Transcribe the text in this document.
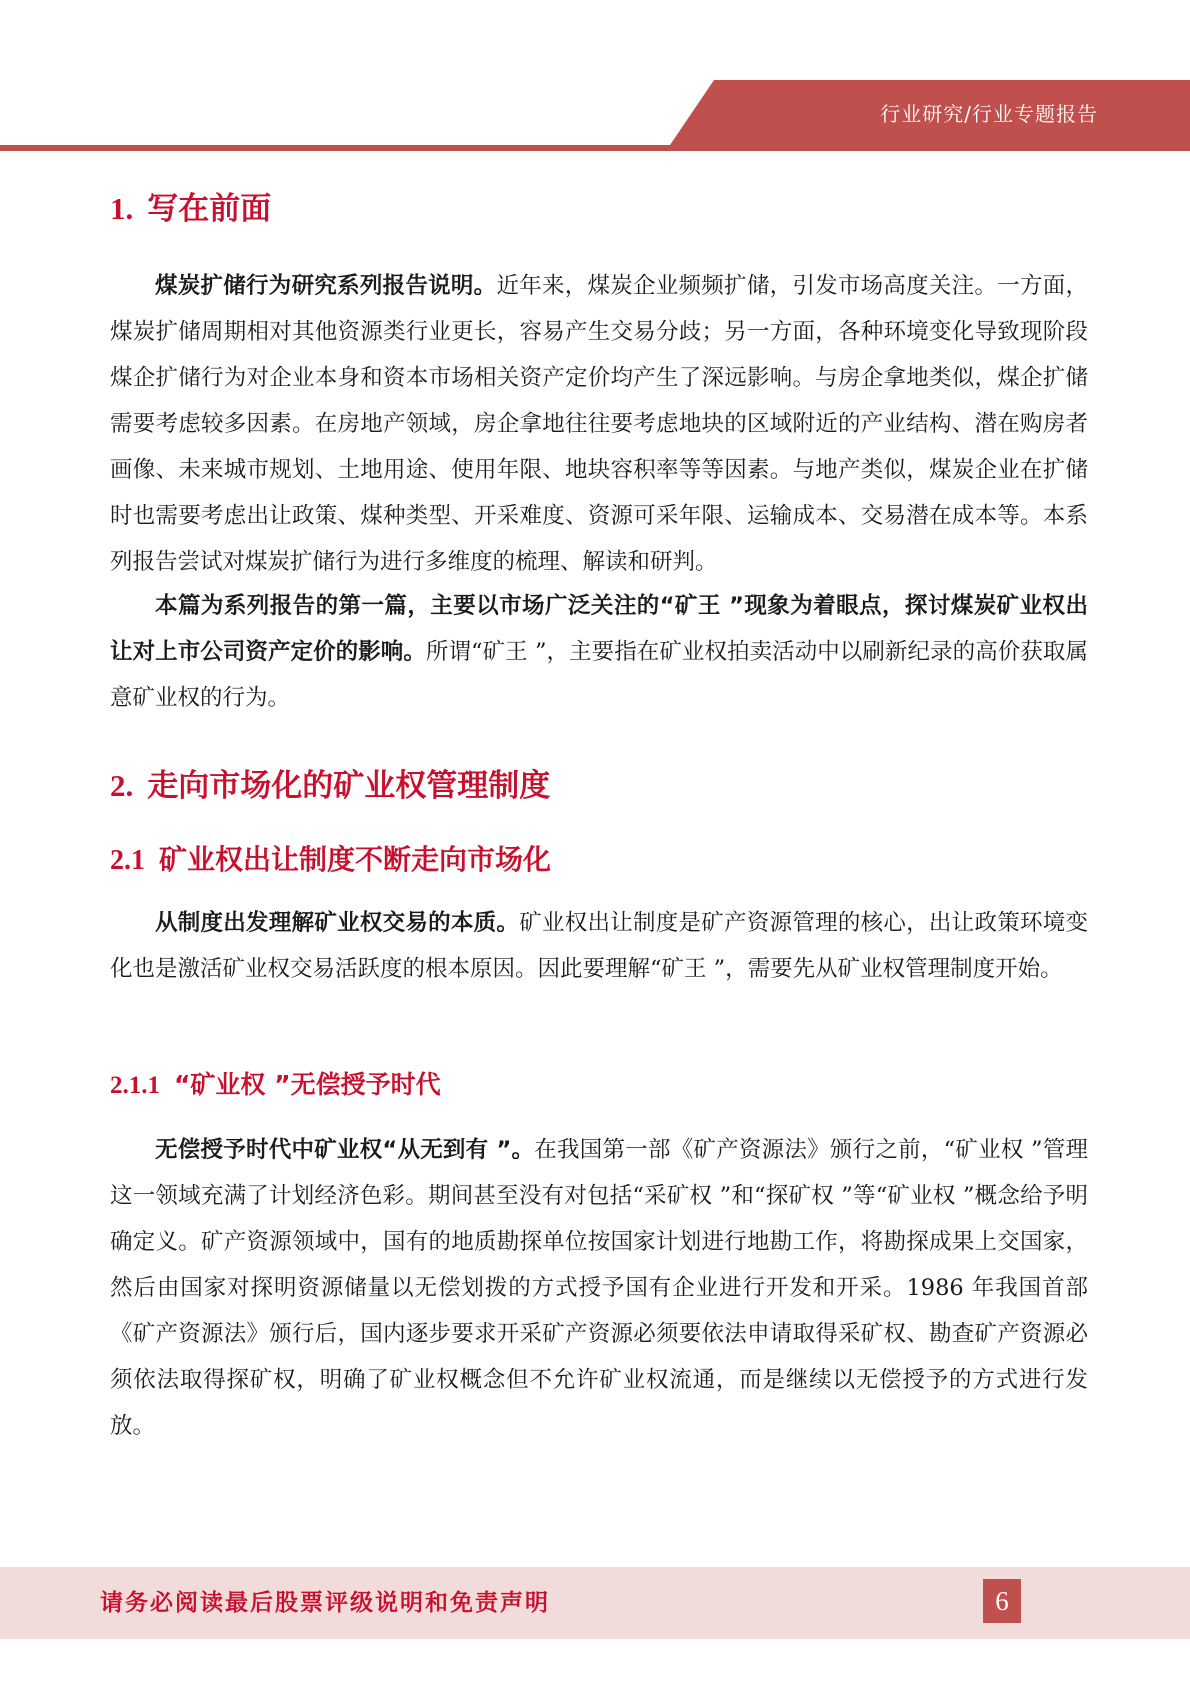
行业研究/行业专题报告
1. 写在前面

煤炭扩储行为研究系列报告说明。近年来，煤炭企业频频扩储，引发市场高度关注。一方面，煤炭扩储周期相对其他资源类行业更长，容易产生交易分歧；另一方面，各种环境变化导致现阶段煤企扩储行为对企业本身和资本市场相关资产定价均产生了深远影响。与房企拿地类似，煤企扩储需要考虑较多因素。在房地产领域，房企拿地往往要考虑地块的区域附近的产业结构、潜在购房者画像、未来城市规划、土地用途、使用年限、地块容积率等等因素。与地产类似，煤炭企业在扩储时也需要考虑出让政策、煤种类型、开采难度、资源可采年限、运输成本、交易潜在成本等。本系列报告尝试对煤炭扩储行为进行多维度的梳理、解读和研判。

本篇为系列报告的第一篇，主要以市场广泛关注的“矿王 ”现象为着眼点，探讨煤炭矿业权出让对上市公司资产定价的影响。所谓“矿王 ”，主要指在矿业权拍卖活动中以刷新纪录的高价获取属意矿业权的行为。

2. 走向市场化的矿业权管理制度
2.1 矿业权出让制度不断走向市场化

从制度出发理解矿业权交易的本质。矿业权出让制度是矿产资源管理的核心，出让政策环境变化也是激活矿业权交易活跃度的根本原因。因此要理解“矿王 ”，需要先从矿业权管理制度开始。

2.1.1 “矿业权 ”无偿授予时代

无偿授予时代中矿业权“从无到有 ”。在我国第一部《矿产资源法》颁行之前，“矿业权 ”管理这一领域充满了计划经济色彩。期间甚至没有对包括“采矿权 ”和“探矿权 ”等“矿业权 ”概念给予明确定义。矿产资源领域中，国有的地质勘探单位按国家计划进行地勘工作，将勘探成果上交国家，然后由国家对探明资源储量以无偿划拨的方式授予国有企业进行开发和开采。1986 年我国首部《矿产资源法》颁行后，国内逐步要求开采矿产资源必须要依法申请取得采矿权、勘查矿产资源必须依法取得探矿权，明确了矿业权概念但不允许矿业权流通，而是继续以无偿授予的方式进行发放。

请务必阅读最后股票评级说明和免责声明	6
